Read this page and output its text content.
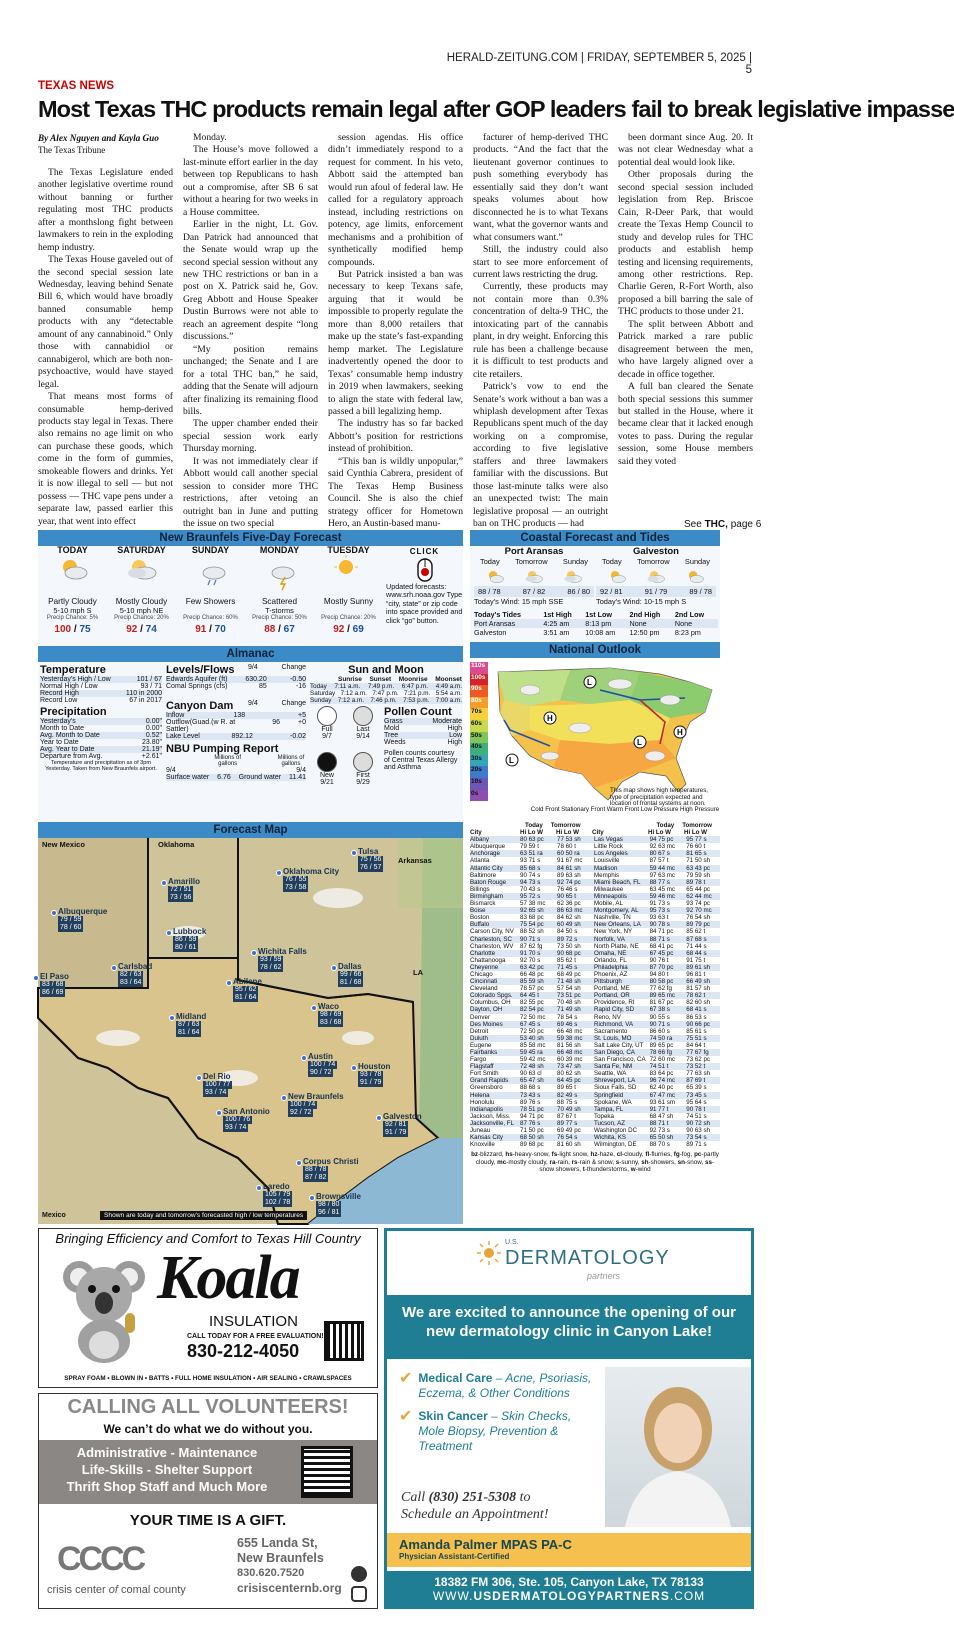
HERALD-ZEITUNG.COM | FRIDAY, SEPTEMBER 5, 2025 | 5
TEXAS NEWS
Most Texas THC products remain legal after GOP leaders fail to break legislative impasse
By Alex Nguyen and Kayla Guo
The Texas Tribune

The Texas Legislature ended another legislative overtime round without banning or further regulating most THC products after a monthslong fight between lawmakers to rein in the exploding hemp industry.

The Texas House gaveled out of the second special session late Wednesday, leaving behind Senate Bill 6, which would have broadly banned consumable hemp products with any “detectable amount of any cannabinoid.” Only those with cannabidiol or cannabigerol, which are both non-psychoactive, would have stayed legal.

That means most forms of consumable hemp-derived products stay legal in Texas. There also remains no age limit on who can purchase these goods, which come in the form of gummies, smokeable flowers and drinks. Yet it is now illegal to sell — but not possess — THC vape pens under a separate law, passed earlier this year, that went into effect

Monday.

The House’s move followed a last-minute effort earlier in the day between top Republicans to hash out a compromise, after SB 6 sat without a hearing for two weeks in a House committee.

Earlier in the night, Lt. Gov. Dan Patrick had announced that the Senate would wrap up the second special session without any new THC restrictions or ban in a post on X. Patrick said he, Gov. Greg Abbott and House Speaker Dustin Burrows were not able to reach an agreement despite “long discussions.”

“My position remains unchanged; the Senate and I are for a total THC ban,” he said, adding that the Senate will adjourn after finalizing its remaining flood bills.

The upper chamber ended their special session work early Thursday morning.

It was not immediately clear if Abbott would call another special session to consider more THC restrictions, after vetoing an outright ban in June and putting the issue on two special

session agendas. His office didn’t immediately respond to a request for comment. In his veto, Abbott said the attempted ban would run afoul of federal law. He called for a regulatory approach instead, including restrictions on potency, age limits, enforcement mechanisms and a prohibition of synthetically modified hemp compounds.

But Patrick insisted a ban was necessary to keep Texans safe, arguing that it would be impossible to properly regulate the more than 8,000 retailers that make up the state’s fast-expanding hemp market. The Legislature inadvertently opened the door to Texas’ consumable hemp industry in 2019 when lawmakers, seeking to align the state with federal law, passed a bill legalizing hemp.

The industry has so far backed Abbott’s position for restrictions instead of prohibition.

“This ban is wildly unpopular,” said Cynthia Cabrera, president of The Texas Hemp Business Council. She is also the chief strategy officer for Hometown Hero, an Austin-based manu-

facturer of hemp-derived THC products. “And the fact that the lieutenant governor continues to push something everybody has essentially said they don’t want speaks volumes about how disconnected he is to what Texans want, what the governor wants and what consumers want.”

Still, the industry could also start to see more enforcement of current laws restricting the drug.

Currently, these products may not contain more than 0.3% concentration of delta-9 THC, the intoxicating part of the cannabis plant, in dry weight. Enforcing this rule has been a challenge because it is difficult to test products and cite retailers.

Patrick’s vow to end the Senate’s work without a ban was a whiplash development after Texas Republicans spent much of the day working on a compromise, according to five legislative staffers and three lawmakers familiar with the discussions. But those last-minute talks were also an unexpected twist: The main legislative proposal — an outright ban on THC products — had

been dormant since Aug. 20. It was not clear Wednesday what a potential deal would look like.

Other proposals during the second special session included legislation from Rep. Briscoe Cain, R-Deer Park, that would create the Texas Hemp Council to study and develop rules for THC products and establish hemp testing and licensing requirements, among other restrictions. Rep. Charlie Geren, R-Fort Worth, also proposed a bill barring the sale of THC products to those under 21.

The split between Abbott and Patrick marked a rare public disagreement between the men, who have largely aligned over a decade in office together.

A full ban cleared the Senate both special sessions this summer but stalled in the House, where it became clear that it lacked enough votes to pass. During the regular session, some House members said they voted

See THC, page 6
New Braunfels Five-Day Forecast
TODAY
Partly Cloudy
5-10 mph S
Precip Chance: 5%
100 / 75
SATURDAY
Mostly Cloudy
5-10 mph NE
Precip Chance: 20%
92 / 74
SUNDAY
Few Showers
Precip Chance: 60%
91 / 70
MONDAY
Scattered
T-storms
Precip Chance: 50%
88 / 67
TUESDAY
Mostly Sunny
Precip Chance: 20%
92 / 69
CLICK
Updated forecasts: www.srh.noaa.gov Type “city, state” or zip code into space provided and click “go” button.
Coastal Forecast and Tides
Port Aransas
Today Tomorrow Sunday
88 / 78	87 / 82	86 / 80
Today's Wind: 15 mph SSE
Galveston
Today Tomorrow Sunday
92 / 81	91 / 79	89 / 78
Today's Wind: 10-15 mph S
Today's Tides	1st High	1st Low	2nd High	2nd Low
Port Aransas	4:25 am	8:13 pm	None	None
Galveston	3:51 am	10:08 am	12:50 pm	8:23 pm
Almanac
Temperature
Yesterday's High / Low	101 / 67
Normal High / Low	93 / 71
Record High	110 in 2000
Record Low	67 in 2017
Precipitation
Yesterday's	0.00"
Month to Date	0.00"
Avg. Month to Date	0.52"
Year to Date	23.80"
Avg. Year to Date	21.19"
Departure from Avg.	+2.61"
Temperature and precipitation as of 3pm Yesterday. Taken from New Braunfels airport.
Levels/Flows 9/4	Change
Edwards Aquifer (ft)	630.20	-0.50
Comal Springs (cfs)	85	-16
Canyon Dam 9/4	Change
Inflow	138	+5
Outflow(Guad.(w R. at Sattler)
96	+0
Lake Level	892.12	-0.02
NBU Pumping Report
Millions of gallons
Millions of gallons
9/4	9/4
Surface water 6.76 Ground water 11.41
Sun and Moon
Sunrise Sunset Moonrise Moonset
Today 7:11 a.m. 7:49 p.m. 6:47 p.m. 4:49 a.m.
Saturday 7:12 a.m. 7:47 p.m. 7:21 p.m. 5:54 a.m.
Sunday 7:12 a.m. 7:46 p.m. 7:53 p.m. 7:00 a.m.
Full
9/7
Last
9/14
New
9/21
First
9/29
Pollen Count
Grass	Moderate
Mold	High
Tree	Low
Weeds	High
Pollen counts courtesy of Central Texas Allergy and Asthma
National Outlook
110s
100s
90s
80s
70s
60s
50s
40s
30s
20s
10s
0s
L
H
L
H
L
This map shows high temperatures, type of precipitation expected and location of frontal systems at noon.
Cold Front Stationary Front Warm Front Low Pressure High Pressure
Forecast Map
New Mexico	Oklahoma
Arkansas
LA
Albuquerque
79 / 59
78 / 60
Amarillo
72 / 51
73 / 56
Oklahoma City
76 / 55
73 / 58
Tulsa
75 / 56
76 / 57
Lubbock
86 / 59
80 / 61	Wichita Falls
93 / 59
78 / 62	Dallas
99 / 66
81 / 68
Carlsbad
82 / 63
83 / 64	Abilene
95 / 62
81 / 64
El Paso
83 / 68
86 / 69
Midland
87 / 63
81 / 64
Waco
98 / 69
83 / 68
Austin
100 / 74
90 / 72
Del Rio
100 / 77
93 / 74
Houston
93 / 78
91 / 79
New Braunfels
100 / 74
92 / 72
San Antonio
100 / 76
93 / 74
Galveston
92 / 81
91 / 79
Corpus Christi
88 / 78
87 / 82
Laredo
105 / 79
102 / 78
Brownsville
98 / 80
96 / 81
Mexico	Shown are today and tomorrow's forecasted high / low temperatures
Today Tomorrow	Today Tomorrow
City	Hi Lo W	Hi Lo W	City	Hi Lo W	Hi Lo W
Albany	80 63 pc	77 53 sh
Albuquerque	79 59 t	78 60 t
Anchorage	63 51 ra	60 50 ra
Atlanta	93 71 s	91 67 mc
Atlantic City	85 68 s	84 61 sh
Baltimore	90 74 s	89 63 sh
Baton Rouge	94 73 s	92 74 pc
Billings	70 43 s	76 46 s
Birmingham	95 72 s	90 65 t
Bismarck	57 38 mc	62 36 pc
Boise	92 65 sh	86 63 mc
Boston	83 68 pc	84 62 sh
Buffalo	75 54 pc	60 49 sh
Carson City, NV 88 52 sh	84 50 s
Charleston, SC	90 71 s	89 72 s
Charleston, WV	87 62 fg	73 50 sh
Charlotte	91 70 s	90 68 pc
Chattanooga	92 70 s	85 62 t
Cheyenne	63 42 pc	71 45 s
Chicago	66 48 pc	68 49 pc
Cincinnati	85 59 sh	71 48 sh
Cleveland	78 57 pc	57 54 sh
Colorado Spgs.	64 45 t	73 51 pc
Columbus, OH	82 55 pc	70 48 sh
Dayton, OH	82 54 pc	71 49 sh
Denver	72 50 mc	78 54 s
Des Moines	67 45 s	69 46 s
Detroit	72 50 pc	66 48 mc
Duluth	53 40 sh	59 38 mc
Eugene	85 58 mc	81 56 sh
Fairbanks	59 45 ra	66 48 mc
Fargo	59 42 mc	60 39 mc
Flagstaff	72 48 sh	73 47 sh
Fort Smith	90 63 cl	80 62 sh
Grand Rapids	65 47 sh	64 45 pc
Greensboro	88 68 s	89 65 t
Helena	73 43 s	82 49 s
Honolulu	89 76 s	88 75 s
Indianapolis	78 51 pc	70 49 sh
Jackson, Miss.	94 71 pc	87 67 t
Jacksonville, FL 87 76 s	89 77 s
Juneau	71 50 pc	69 49 pc
Kansas City	68 50 sh	76 54 s
Knoxville	89 68 pc	81 60 sh
Las Vegas	94 75 pc	95 77 s
Little Rock	92 63 mc	76 60 t
Los Angeles	80 67 s	81 65 s
Louisville	87 57 t	71 50 sh
Madison	59 44 mc	63 43 pc
Memphis	97 63 mc	79 59 sh
Miami Beach, FL	88 77 s	89 78 t
Milwaukee	63 45 mc	65 44 pc
Minneapolis	59 46 mc	62 44 mc
Mobile, AL	91 73 s	93 74 pc
Montgomery, AL	95 73 s	92 70 mc
Nashville, TN	93 63 t	76 54 sh
New Orleans, LA	90 78 s	89 79 pc
New York, NY	84 71 pc	85 62 t
Norfolk, VA	88 71 s	87 68 s
North Platte, NE	68 41 pc	71 44 s
Omaha, NE	67 45 pc	68 44 s
Orlando, FL	90 76 t	91 75 t
Philadelphia	87 70 pc	89 61 sh
Phoenix, AZ	94 80 t	96 81 t
Pittsburgh	80 58 pc	66 49 sh
Portland, ME	77 62 fg	81 57 sh
Portland, OR	89 65 mc	78 62 t
Providence, RI	81 67 pc	82 60 sh
Rapid City, SD	67 38 s	68 41 s
Reno, NV	90 55 s	86 53 s
Richmond, VA	90 71 s	90 66 pc
Sacramento	86 60 s	85 61 s
St. Louis, MO	74 50 ra	75 51 s
Salt Lake City, UT 89 65 pc	84 64 t
San Diego, CA	78 66 fg	77 67 fg
San Francisco, CA 72 60 mc	73 62 pc
Santa Fe, NM	74 51 t	73 52 t
Seattle, WA	83 64 pc	77 63 sh
Shreveport, LA	96 74 mc	87 69 t
Sioux Falls, SD	62 40 pc	65 39 s
Springfield	67 47 mc	73 45 s
Spokane, WA	93 61 sm	95 64 s
Tampa, FL	91 77 t	90 78 t
Topeka	68 47 sh	74 51 s
Tucson, AZ	88 71 t	90 72 sh
Washington DC	92 73 s	90 63 sh
Wichita, KS	65 50 sh	73 54 s
Wilmington, DE	88 70 s	89 71 s
bz-blizzard, hs-heavy-snow, fs-light snow, hz-haze, cl-cloudy, fl-flurries, fg-fog, pc-partly cloudy, mc-mostly cloudy, ra-rain, rs-rain & snow, s-sunny, sh-showers, sn-snow, ss-snow showers, t-thunderstorms, w-wind
Bringing Efficiency and Comfort to Texas Hill Country
Koala
INSULATION
CALL TODAY FOR A FREE EVALUATION!
830-212-4050
SPRAY FOAM • BLOWN IN • BATTS • FULL HOME INSULATION • AIR SEALING • CRAWLSPACES
CALLING ALL VOLUNTEERS!
We can’t do what we do without you.
Administrative - Maintenance
Life-Skills - Shelter Support
Thrift Shop Staff and Much More
YOUR TIME IS A GIFT.
CCCC
crisis center of comal county
655 Landa St,
New Braunfels
830.620.7520
crisiscenternb.org
U.S.
DERMATOLOGY
partners
We are excited to announce the opening of our new dermatology clinic in Canyon Lake!
✔ Medical Care – Acne, Psoriasis, Eczema, & Other Conditions
✔ Skin Cancer – Skin Checks, Mole Biopsy, Prevention & Treatment
Call (830) 251-5308 to
Schedule an Appointment!
Amanda Palmer MPAS PA-C
Physician Assistant-Certified
18382 FM 306, Ste. 105, Canyon Lake, TX 78133
WWW.USDERMATOLOGYPARTNERS.COM
